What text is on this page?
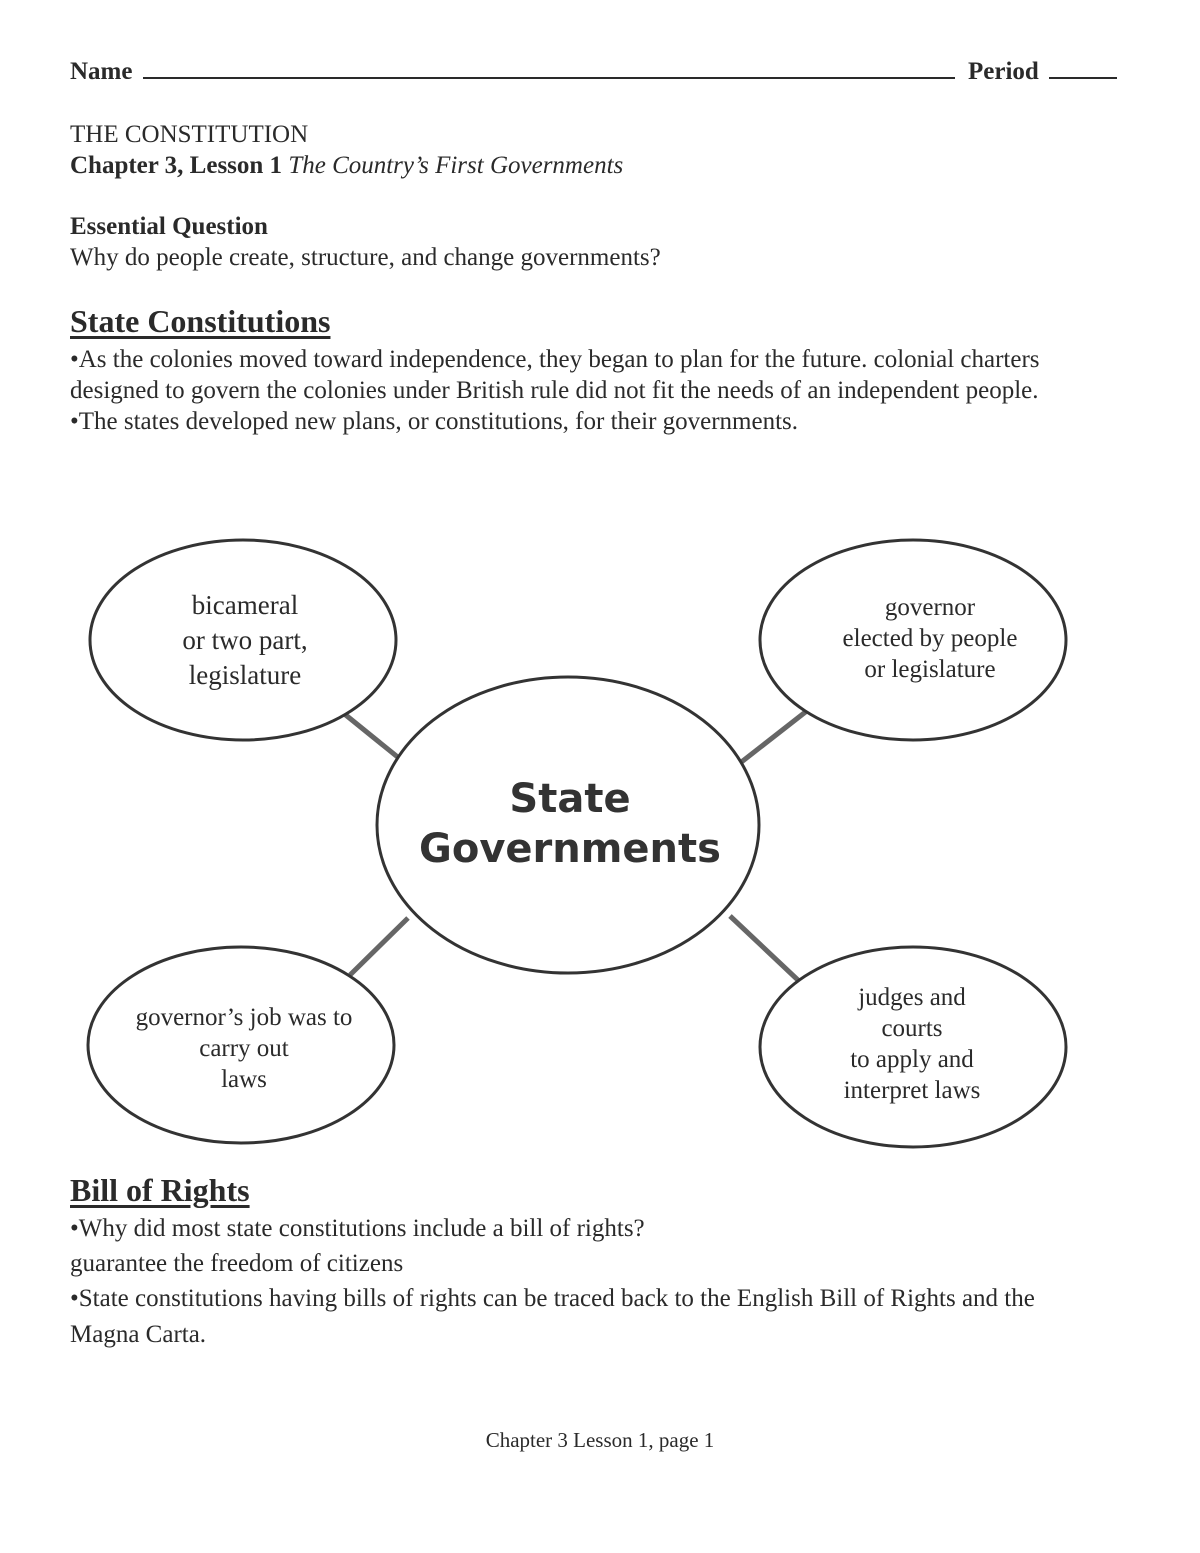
Name	Period
THE CONSTITUTION
Chapter 3, Lesson 1 The Country’s First Governments
Essential Question
Why do people create, structure, and change governments?
State Constitutions
•As the colonies moved toward independence, they began to plan for the future. colonial charters
designed to govern the colonies under British rule did not fit the needs of an independent people.
•The states developed new plans, or constitutions, for their governments.
bicameral
or two part,
legislature
governor
elected by people
or legislature
State
Governments
governor’s job was to
carry out
laws
judges and
courts
to apply and
interpret laws
Bill of Rights
•Why did most state constitutions include a bill of rights?
guarantee the freedom of citizens
•State constitutions having bills of rights can be traced back to the English Bill of Rights and the
Magna Carta.
Chapter 3 Lesson 1, page 1
